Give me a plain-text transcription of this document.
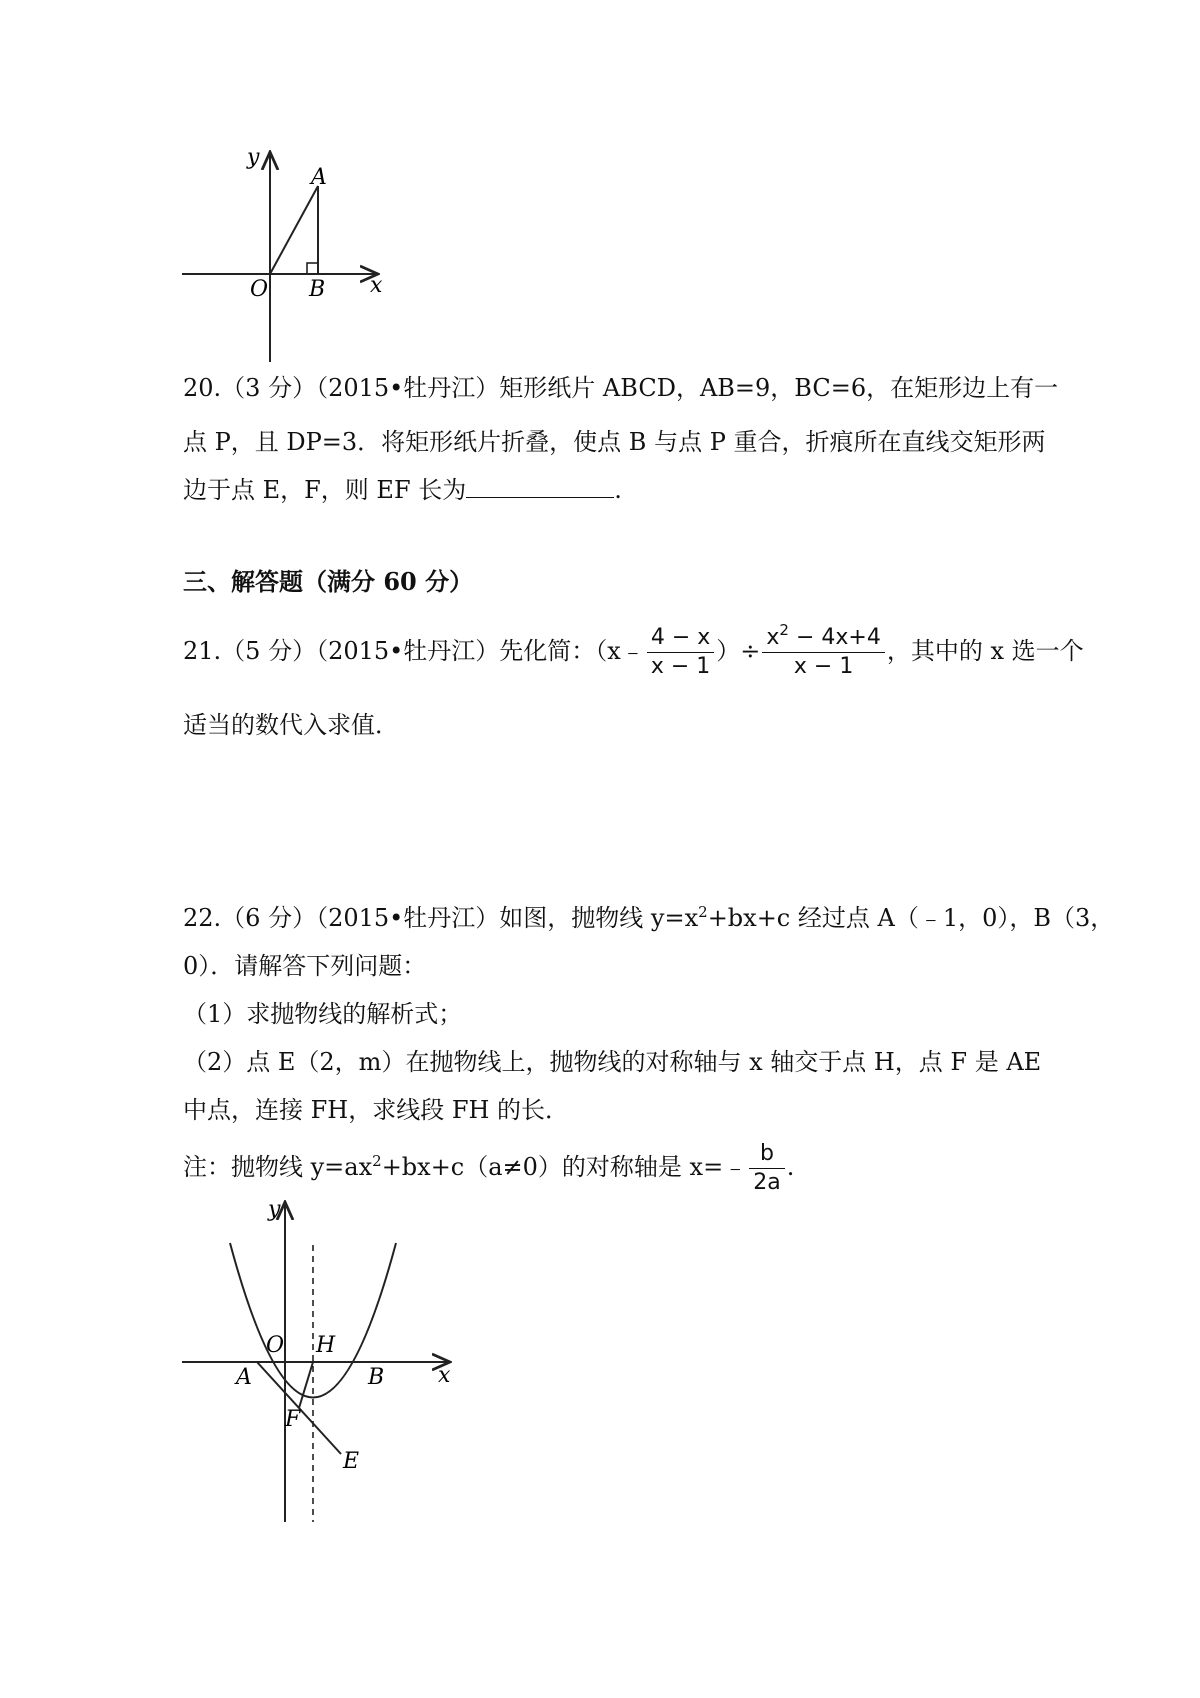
y
A
O B x
20.（3 分）（2015•牡丹江）矩形纸片 ABCD，AB=9，BC=6，在矩形边上有一
点 P，且 DP=3．将矩形纸片折叠，使点 B 与点 P 重合，折痕所在直线交矩形两
边于点 E，F，则 EF 长为	.
三、解答题（满分 60 分）
21.（5 分）（2015•牡丹江）先化简：（x﹣ $\frac{4 - x}{x - 1}$ ）÷ $\frac{x^2 - 4x+4}{x - 1}$ ，其中的 x 选一个
适当的数代入求值．
22.（6 分）（2015•牡丹江）如图，抛物线 $y=x^2+bx+c$ 经过点 A（﹣1，0），B（3，
0）．请解答下列问题：
（1）求抛物线的解析式；
（2）点 E（2，m）在抛物线上，抛物线的对称轴与 x 轴交于点 H，点 F 是 AE
中点，连接 FH，求线段 FH 的长．
注：抛物线 $y=ax^2+bx+c(a\ne 0)$的对称轴是 x=﹣ $\frac{b}{2a}$ .
y
O H
A	B x
F
E
